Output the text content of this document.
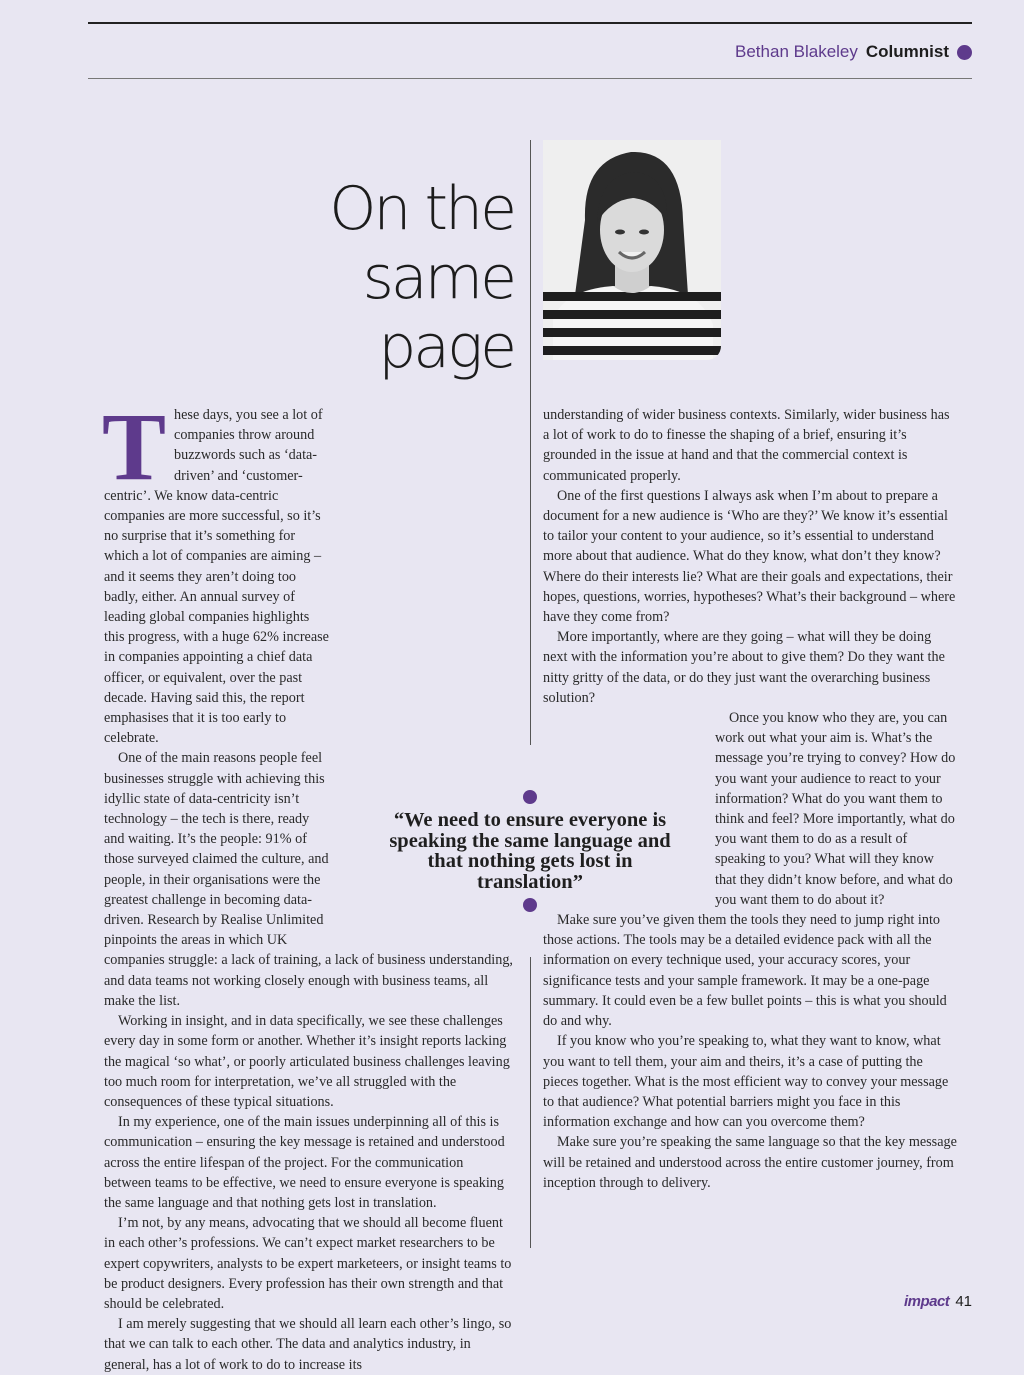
Bethan Blakeley Columnist
On the
same
page

These days, you see a lot of companies throw around buzzwords such as ‘data-driven’ and ‘customer-centric’. We know data-centric companies are more successful, so it’s no surprise that it’s something for which a lot of companies are aiming – and it seems they aren’t doing too badly, either. An annual survey of leading global companies highlights this progress, with a huge 62% increase in companies appointing a chief data officer, or equivalent, over the past decade. Having said this, the report emphasises that it is too early to celebrate.

One of the main reasons people feel businesses struggle with achieving this idyllic state of data-centricity isn’t technology – the tech is there, ready and waiting. It’s the people: 91% of those surveyed claimed the culture, and people, in their organisations were the greatest challenge in becoming data-driven. Research by Realise Unlimited pinpoints the areas in which UK companies struggle: a lack of training, a lack of business understanding, and data teams not working closely enough with business teams, all make the list.

Working in insight, and in data specifically, we see these challenges every day in some form or another. Whether it’s insight reports lacking the magical ‘so what’, or poorly articulated business challenges leaving too much room for interpretation, we’ve all struggled with the consequences of these typical situations.

In my experience, one of the main issues underpinning all of this is communication – ensuring the key message is retained and understood across the entire lifespan of the project. For the communication between teams to be effective, we need to ensure everyone is speaking the same language and that nothing gets lost in translation.

I’m not, by any means, advocating that we should all become fluent in each other’s professions. We can’t expect market researchers to be expert copywriters, analysts to be expert marketeers, or insight teams to be product designers. Every profession has their own strength and that should be celebrated.

I am merely suggesting that we should all learn each other’s lingo, so that we can talk to each other. The data and analytics industry, in general, has a lot of work to do to increase its

understanding of wider business contexts. Similarly, wider business has a lot of work to do to finesse the shaping of a brief, ensuring it’s grounded in the issue at hand and that the commercial context is communicated properly.

One of the first questions I always ask when I’m about to prepare a document for a new audience is ‘Who are they?’ We know it’s essential to tailor your content to your audience, so it’s essential to understand more about that audience. What do they know, what don’t they know? Where do their interests lie? What are their goals and expectations, their hopes, questions, worries, hypotheses? What’s their background – where have they come from?

More importantly, where are they going – what will they be doing next with the information you’re about to give them? Do they want the nitty gritty of the data, or do they just want the overarching business solution?

Once you know who they are, you can work out what your aim is. What’s the message you’re trying to convey? How do you want your audience to react to your information? What do you want them to think and feel? More importantly, what do you want them to do as a result of speaking to you? What will they know that they didn’t know before, and what do you want them to do about it?

Make sure you’ve given them the tools they need to jump right into those actions. The tools may be a detailed evidence pack with all the information on every technique used, your accuracy scores, your significance tests and your sample framework. It may be a one-page summary. It could even be a few bullet points – this is what you should do and why.

If you know who you’re speaking to, what they want to know, what you want to tell them, your aim and theirs, it’s a case of putting the pieces together. What is the most efficient way to convey your message to that audience? What potential barriers might you face in this information exchange and how can you overcome them?

Make sure you’re speaking the same language so that the key message will be retained and understood across the entire customer journey, from inception through to delivery.

“We need to ensure everyone is speaking the same language and that nothing gets lost in translation”
impact 41
